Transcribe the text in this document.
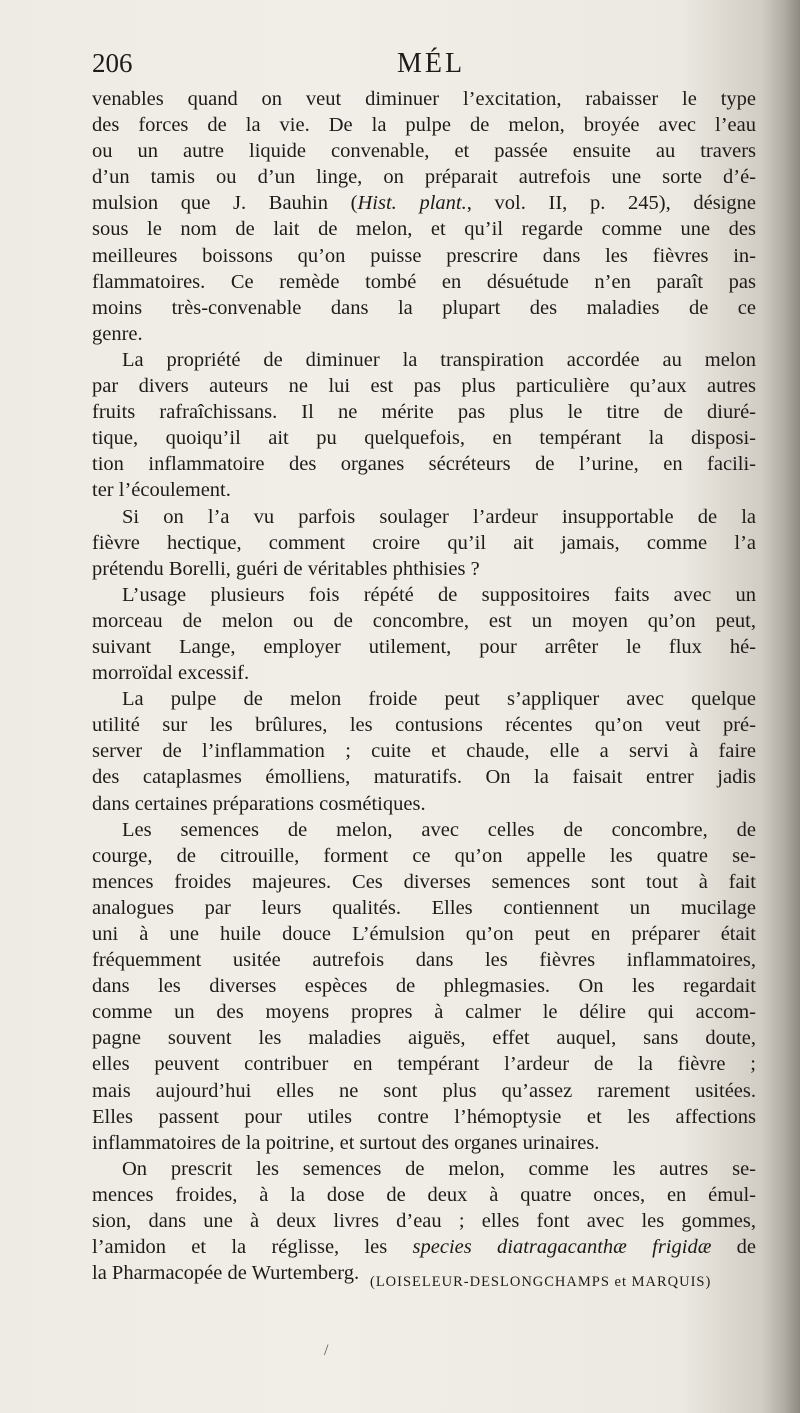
206	MÉL
venables quand on veut diminuer l’excitation, rabaisser le type
des forces de la vie. De la pulpe de melon, broyée avec l’eau
ou un autre liquide convenable, et passée ensuite au travers
d’un tamis ou d’un linge, on préparait autrefois une sorte d’é-
mulsion que J. Bauhin (Hist. plant., vol. II, p. 245), désigne
sous le nom de lait de melon, et qu’il regarde comme une des
meilleures boissons qu’on puisse prescrire dans les fièvres in-
flammatoires. Ce remède tombé en désuétude n’en paraît pas
moins très-convenable dans la plupart des maladies de ce
genre.
La propriété de diminuer la transpiration accordée au melon
par divers auteurs ne lui est pas plus particulière qu’aux autres
fruits rafraîchissans. Il ne mérite pas plus le titre de diuré-
tique, quoiqu’il ait pu quelquefois, en tempérant la disposi-
tion inflammatoire des organes sécréteurs de l’urine, en facili-
ter l’écoulement.
Si on l’a vu parfois soulager l’ardeur insupportable de la
fièvre hectique, comment croire qu’il ait jamais, comme l’a
prétendu Borelli, guéri de véritables phthisies ?
L’usage plusieurs fois répété de suppositoires faits avec un
morceau de melon ou de concombre, est un moyen qu’on peut,
suivant Lange, employer utilement, pour arrêter le flux hé-
morroïdal excessif.
La pulpe de melon froide peut s’appliquer avec quelque
utilité sur les brûlures, les contusions récentes qu’on veut pré-
server de l’inflammation ; cuite et chaude, elle a servi à faire
des cataplasmes émolliens, maturatifs. On la faisait entrer jadis
dans certaines préparations cosmétiques.
Les semences de melon, avec celles de concombre, de
courge, de citrouille, forment ce qu’on appelle les quatre se-
mences froides majeures. Ces diverses semences sont tout à fait
analogues par leurs qualités. Elles contiennent un mucilage
uni à une huile douce L’émulsion qu’on peut en préparer était
fréquemment usitée autrefois dans les fièvres inflammatoires,
dans les diverses espèces de phlegmasies. On les regardait
comme un des moyens propres à calmer le délire qui accom-
pagne souvent les maladies aiguës, effet auquel, sans doute,
elles peuvent contribuer en tempérant l’ardeur de la fièvre ;
mais aujourd’hui elles ne sont plus qu’assez rarement usitées.
Elles passent pour utiles contre l’hémoptysie et les affections
inflammatoires de la poitrine, et surtout des organes urinaires.
On prescrit les semences de melon, comme les autres se-
mences froides, à la dose de deux à quatre onces, en émul-
sion, dans une à deux livres d’eau ; elles font avec les gommes,
l’amidon et la réglisse, les species diatragacanthæ frigidæ de
la Pharmacopée de Wurtemberg. (LOISELEUR-DESLONGCHAMPS et MARQUIS)
/
